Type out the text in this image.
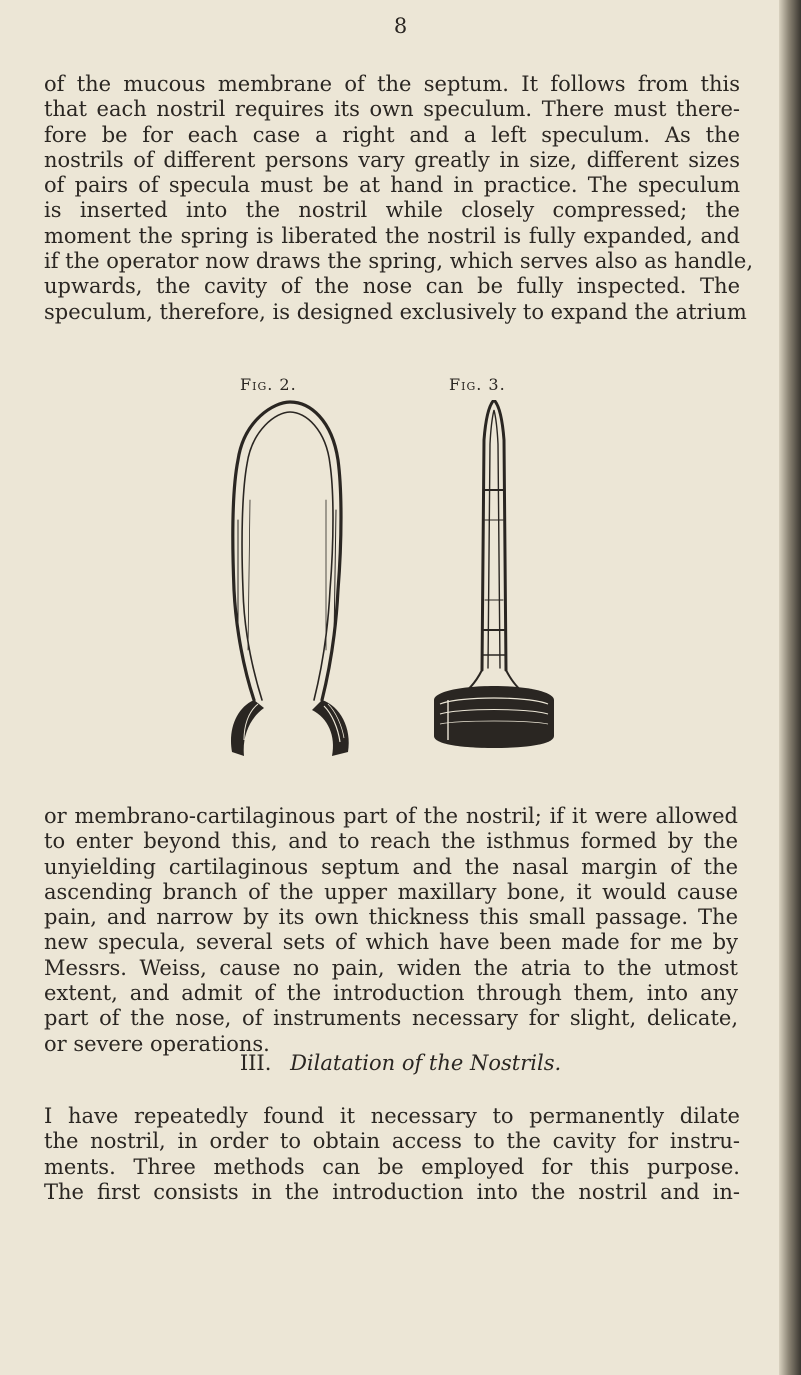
8

of the mucous membrane of the septum. It follows from this
that each nostril requires its own speculum. There must there-
fore be for each case a right and a left speculum. As the
nostrils of different persons vary greatly in size, different sizes
of pairs of specula must be at hand in practice. The speculum
is inserted into the nostril while closely compressed; the
moment the spring is liberated the nostril is fully expanded, and
if the operator now draws the spring, which serves also as handle,
upwards, the cavity of the nose can be fully inspected. The
speculum, therefore, is designed exclusively to expand the atrium

Fig. 2.	Fig. 3.

or membrano-cartilaginous part of the nostril; if it were allowed
to enter beyond this, and to reach the isthmus formed by the
unyielding cartilaginous septum and the nasal margin of the
ascending branch of the upper maxillary bone, it would cause
pain, and narrow by its own thickness this small passage. The
new specula, several sets of which have been made for me by
Messrs. Weiss, cause no pain, widen the atria to the utmost
extent, and admit of the introduction through them, into any
part of the nose, of instruments necessary for slight, delicate,
or severe operations.

III. Dilatation of the Nostrils.

I have repeatedly found it necessary to permanently dilate
the nostril, in order to obtain access to the cavity for instru-
ments. Three methods can be employed for this purpose.
The first consists in the introduction into the nostril and in-
